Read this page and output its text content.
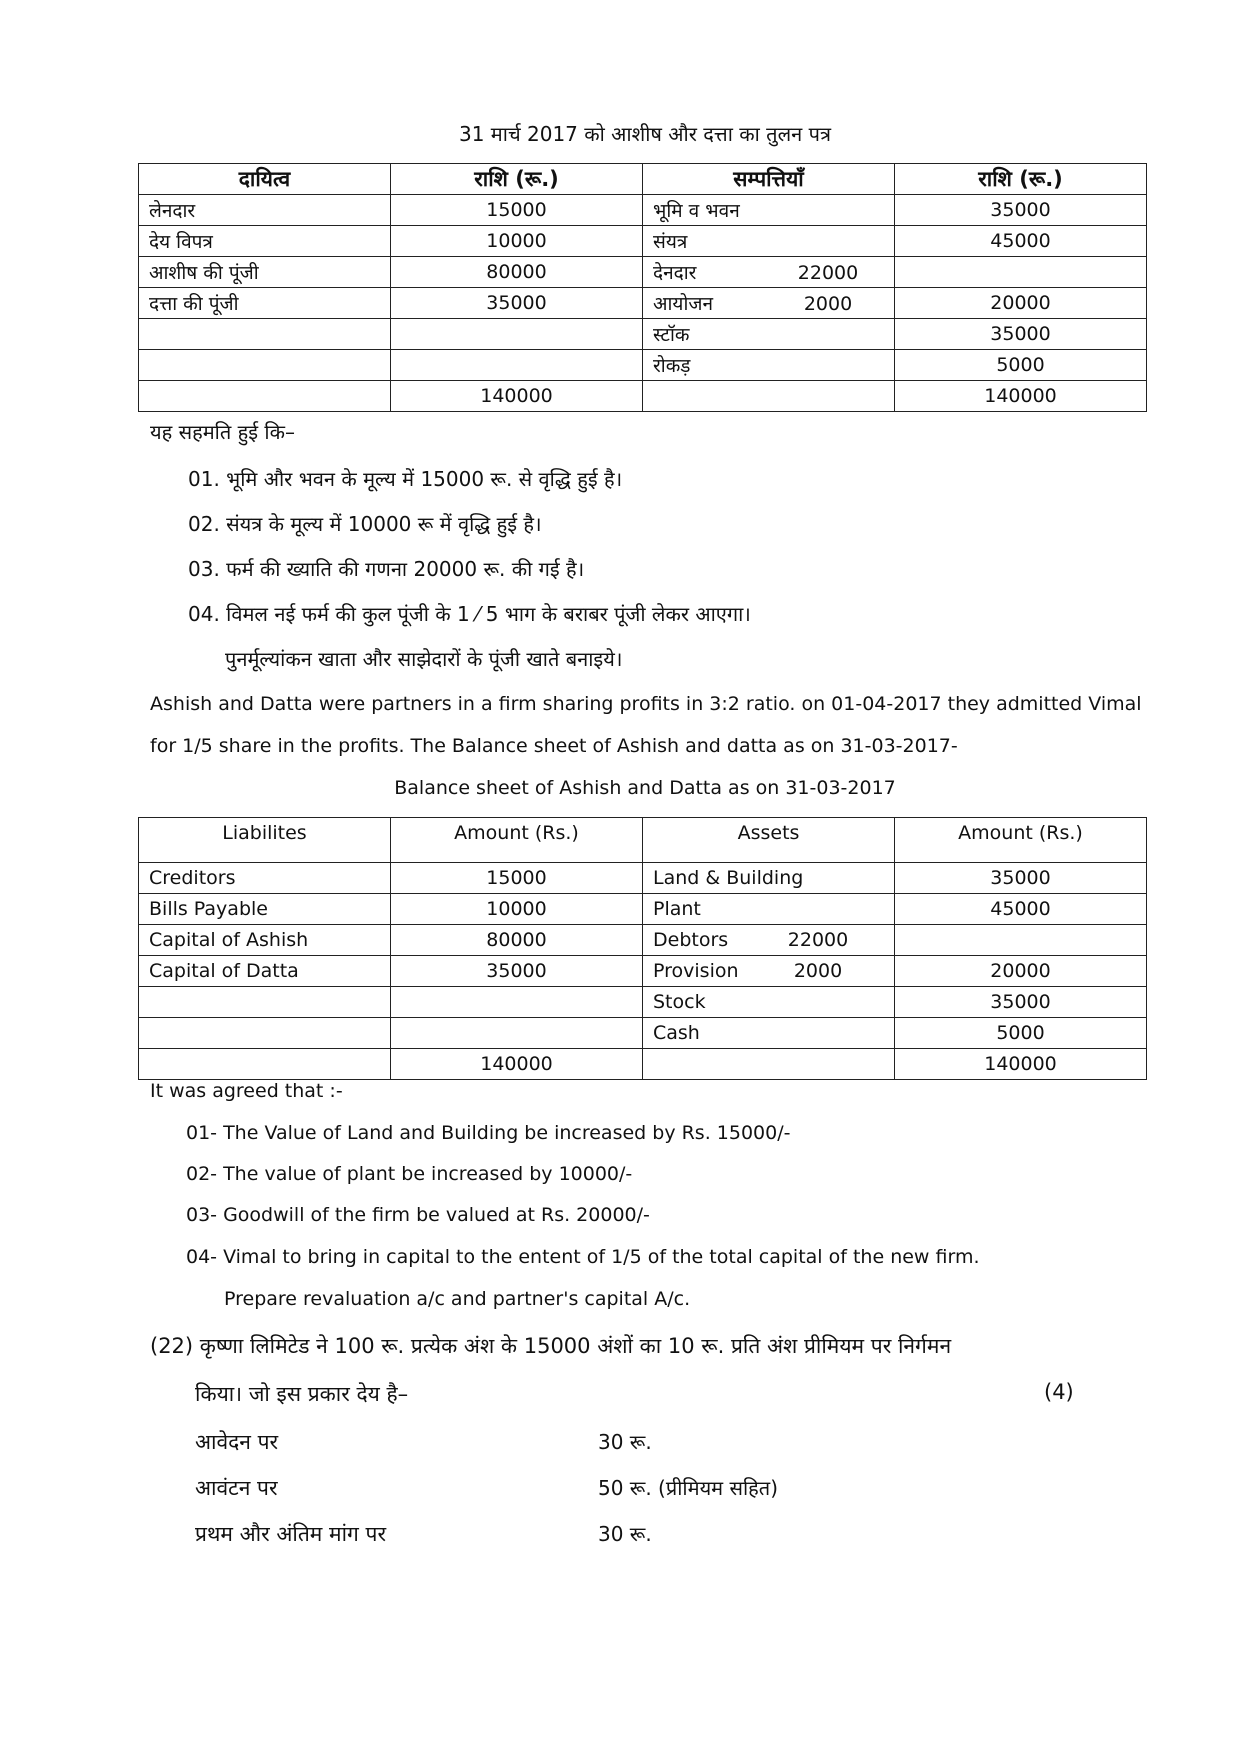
31 मार्च 2017 को आशीष और दत्ता का तुलन पत्र
दायित्व	राशि (रू.)	सम्पत्तियाँ	राशि (रू.)
लेनदार	15000	भूमि व भवन	35000
देय विपत्र	10000	संयत्र	45000
आशीष की पूंजी	80000	देनदार 22000	
दत्ता की पूंजी	35000	आयोजन 2000	20000
		स्टॉक	35000
		रोकड़	5000
	140000		140000
यह सहमति हुई कि–
01. भूमि और भवन के मूल्य में 15000 रू. से वृद्धि हुई है।
02. संयत्र के मूल्य में 10000 रू में वृद्धि हुई है।
03. फर्म की ख्याति की गणना 20000 रू. की गई है।
04. विमल नई फर्म की कुल पूंजी के 1 ⁄ 5 भाग के बराबर पूंजी लेकर आएगा।
पुनर्मूल्यांकन खाता और साझेदारों के पूंजी खाते बनाइये।
Ashish and Datta were partners in a firm sharing profits in 3:2 ratio. on 01-04-2017 they admitted Vimal
for 1/5 share in the profits. The Balance sheet of Ashish and datta as on 31-03-2017-
Balance sheet of Ashish and Datta as on 31-03-2017
Liabilites	Amount (Rs.)	Assets	Amount (Rs.)
Creditors	15000	Land & Building	35000
Bills Payable	10000	Plant	45000
Capital of Ashish	80000	Debtors 22000	
Capital of Datta	35000	Provision 2000	20000
		Stock	35000
		Cash	5000
	140000		140000
It was agreed that :-
01- The Value of Land and Building be increased by Rs. 15000/-
02- The value of plant be increased by 10000/-
03- Goodwill of the firm be valued at Rs. 20000/-
04- Vimal to bring in capital to the entent of 1/5 of the total capital of the new firm.
Prepare revaluation a/c and partner's capital A/c.
(22) कृष्णा लिमिटेड ने 100 रू. प्रत्येक अंश के 15000 अंशों का 10 रू. प्रति अंश प्रीमियम पर निर्गमन
किया। जो इस प्रकार देय है–	(4)
आवेदन पर	30 रू.
आवंटन पर	50 रू. (प्रीमियम सहित)
प्रथम और अंतिम मांग पर	30 रू.
